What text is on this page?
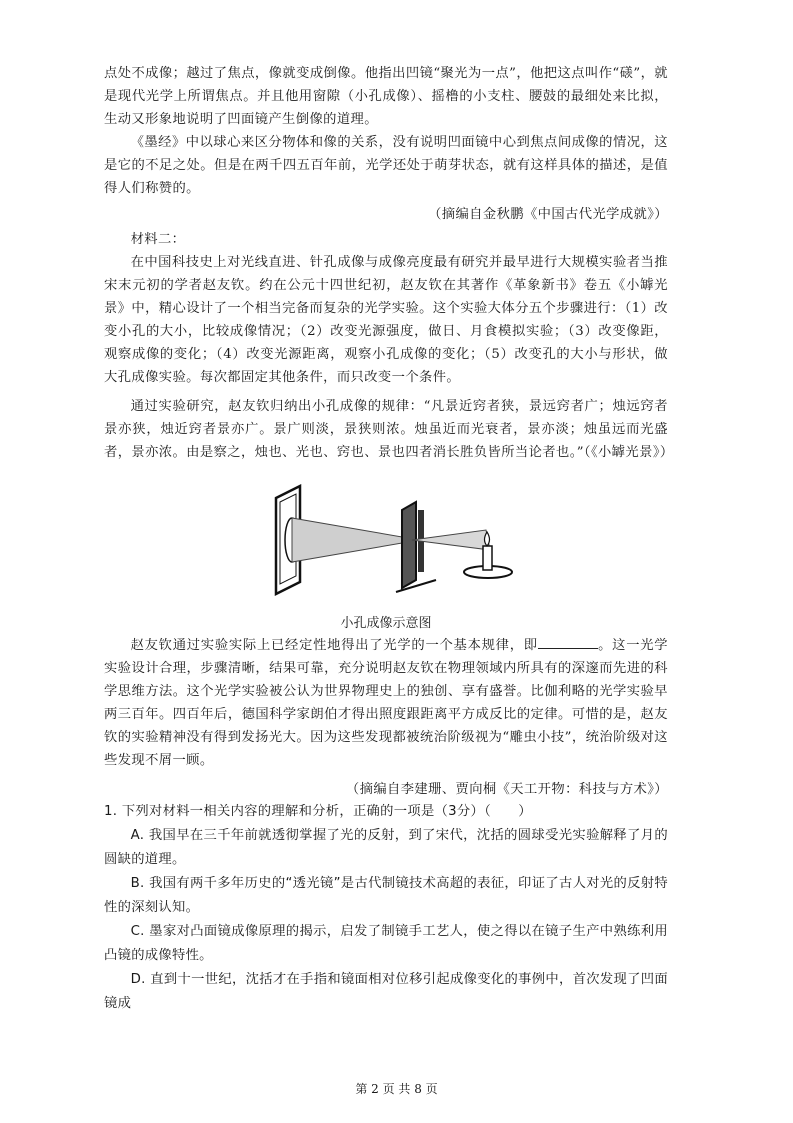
点处不成像；越过了焦点，像就变成倒像。他指出凹镜“聚光为一点”，他把这点叫作“𥖄”，就是现代光学上所谓焦点。并且他用窗隙（小孔成像）、摇橹的小支柱、腰鼓的最细处来比拟，生动又形象地说明了凹面镜产生倒像的道理。

《墨经》中以球心来区分物体和像的关系，没有说明凹面镜中心到焦点间成像的情况，这是它的不足之处。但是在两千四五百年前，光学还处于萌芽状态，就有这样具体的描述，是值得人们称赞的。

（摘编自金秋鹏《中国古代光学成就》）

材料二：

在中国科技史上对光线直进、针孔成像与成像亮度最有研究并最早进行大规模实验者当推宋末元初的学者赵友钦。约在公元十四世纪初，赵友钦在其著作《革象新书》卷五《小罅光景》中，精心设计了一个相当完备而复杂的光学实验。这个实验大体分五个步骤进行：（1）改变小孔的大小，比较成像情况；（2）改变光源强度，做日、月食模拟实验；（3）改变像距，观察成像的变化；（4）改变光源距离，观察小孔成像的变化；（5）改变孔的大小与形状，做大孔成像实验。每次都固定其他条件，而只改变一个条件。

通过实验研究，赵友钦归纳出小孔成像的规律：“凡景近窍者狭，景远窍者广；烛远窍者景亦狭，烛近窍者景亦广。景广则淡，景狭则浓。烛虽近而光衰者，景亦淡；烛虽远而光盛者，景亦浓。由是察之，烛也、光也、窍也、景也四者消长胜负皆所当论者也。”（《小罅光景》）

小孔成像示意图

赵友钦通过实验实际上已经定性地得出了光学的一个基本规律，即	。这一光学实验设计合理，步骤清晰，结果可靠，充分说明赵友钦在物理领域内所具有的深邃而先进的科学思维方法。这个光学实验被公认为世界物理史上的独创、享有盛誉。比伽利略的光学实验早两三百年。四百年后，德国科学家朗伯才得出照度跟距离平方成反比的定律。可惜的是，赵友钦的实验精神没有得到发扬光大。因为这些发现都被统治阶级视为“雕虫小技”，统治阶级对这些发现不屑一顾。

（摘编自李建珊、贾向桐《天工开物：科技与方术》）

1. 下列对材料一相关内容的理解和分析，正确的一项是（3分）（　　）

A. 我国早在三千年前就透彻掌握了光的反射，到了宋代，沈括的圆球受光实验解释了月的圆缺的道理。

B. 我国有两千多年历史的“透光镜”是古代制镜技术高超的表征，印证了古人对光的反射特性的深刻认知。

C. 墨家对凸面镜成像原理的揭示，启发了制镜手工艺人，使之得以在镜子生产中熟练利用凸镜的成像特性。

D. 直到十一世纪，沈括才在手指和镜面相对位移引起成像变化的事例中，首次发现了凹面镜成

第 2 页 共 8 页
